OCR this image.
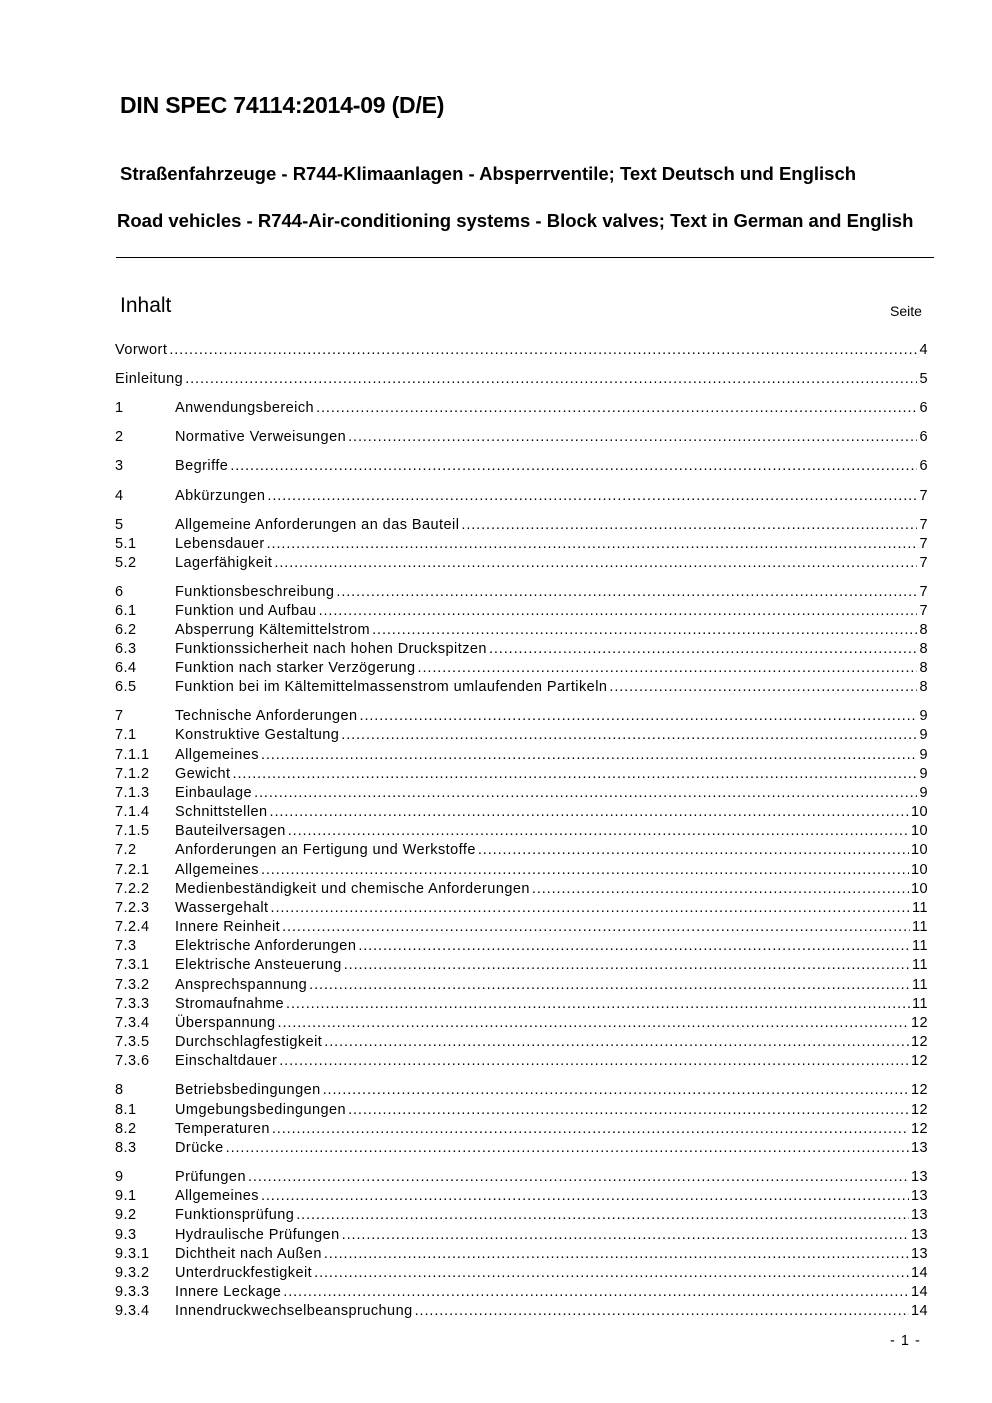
DIN SPEC 74114:2014-09 (D/E)
Straßenfahrzeuge - R744-Klimaanlagen - Absperrventile; Text Deutsch und Englisch
Road vehicles - R744-Air-conditioning systems - Block valves; Text in German and English
Inhalt	Seite
Vorwort .....	4
Einleitung .....	5
1	Anwendungsbereich .....	6
2	Normative Verweisungen .....	6
3	Begriffe .....	6
4	Abkürzungen .....	7
5	Allgemeine Anforderungen an das Bauteil .....	7
5.1	Lebensdauer .....	7
5.2	Lagerfähigkeit .....	7
6	Funktionsbeschreibung .....	7
6.1	Funktion und Aufbau .....	7
6.2	Absperrung Kältemittelstrom .....	8
6.3	Funktionssicherheit nach hohen Druckspitzen .....	8
6.4	Funktion nach starker Verzögerung .....	8
6.5	Funktion bei im Kältemittelmassenstrom umlaufenden Partikeln .....	8
7	Technische Anforderungen .....	9
7.1	Konstruktive Gestaltung .....	9
7.1.1	Allgemeines .....	9
7.1.2	Gewicht .....	9
7.1.3	Einbaulage .....	9
7.1.4	Schnittstellen .....	10
7.1.5	Bauteilversagen .....	10
7.2	Anforderungen an Fertigung und Werkstoffe .....	10
7.2.1	Allgemeines .....	10
7.2.2	Medienbeständigkeit und chemische Anforderungen .....	10
7.2.3	Wassergehalt .....	11
7.2.4	Innere Reinheit .....	11
7.3	Elektrische Anforderungen .....	11
7.3.1	Elektrische Ansteuerung .....	11
7.3.2	Ansprechspannung .....	11
7.3.3	Stromaufnahme .....	11
7.3.4	Überspannung .....	12
7.3.5	Durchschlagfestigkeit .....	12
7.3.6	Einschaltdauer .....	12
8	Betriebsbedingungen .....	12
8.1	Umgebungsbedingungen .....	12
8.2	Temperaturen .....	12
8.3	Drücke .....	13
9	Prüfungen .....	13
9.1	Allgemeines .....	13
9.2	Funktionsprüfung .....	13
9.3	Hydraulische Prüfungen .....	13
9.3.1	Dichtheit nach Außen .....	13
9.3.2	Unterdruckfestigkeit .....	14
9.3.3	Innere Leckage .....	14
9.3.4	Innendruckwechselbeanspruchung .....	14
- 1 -
